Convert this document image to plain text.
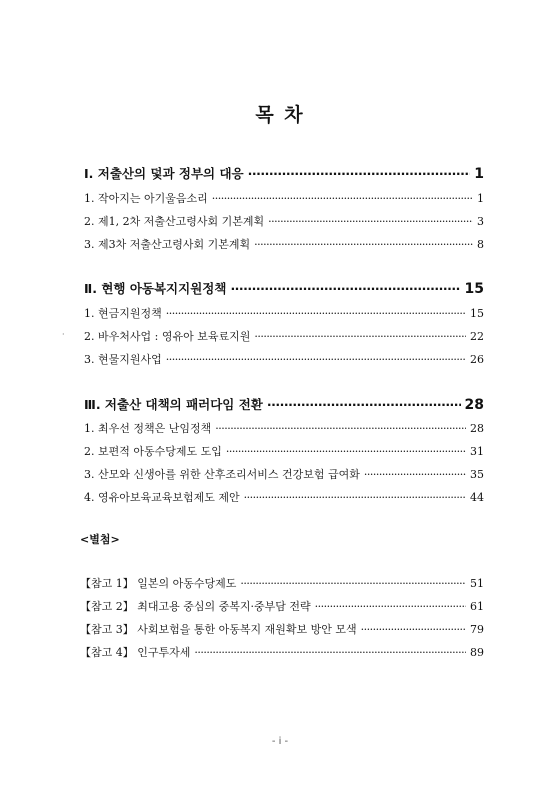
목 차
Ⅰ. 저출산의 덫과 정부의 대응 ·····	1
1. 작아지는 아기울음소리 ·····	1
2. 제1, 2차 저출산고령사회 기본계획 ·····	3
3. 제3차 저출산고령사회 기본계획 ·····	8
Ⅱ. 현행 아동복지지원정책 ·····	15
·
1. 현금지원정책 ·····	15
2. 바우처사업 : 영유아 보육료지원 ·····	22
3. 현물지원사업 ·····	26
Ⅲ. 저출산 대책의 패러다임 전환 ·····	28
1. 최우선 정책은 난임정책 ·····	28
2. 보편적 아동수당제도 도입 ·····	31
3. 산모와 신생아를 위한 산후조리서비스 건강보험 급여화 ·····	35
4. 영유아보육교육보험제도 제안 ·····	44
<별첨>
【참고 1】 일본의 아동수당제도 ·····	51
【참고 2】 최대고용 중심의 중복지·중부담 전략 ·····	61
【참고 3】 사회보험을 통한 아동복지 재원확보 방안 모색 ·····	79
【참고 4】 인구투자세 ·····	89
- i -
